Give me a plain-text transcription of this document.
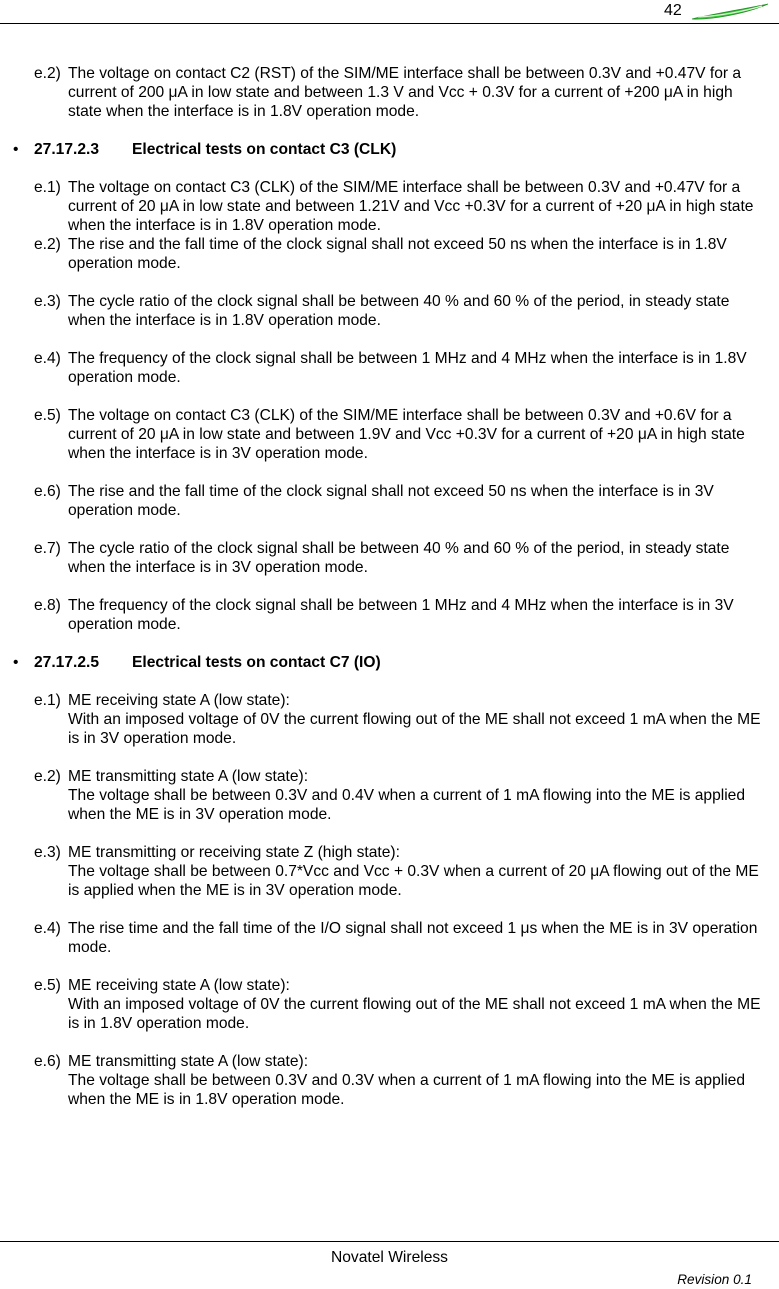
42
e.2) The voltage on contact C2 (RST) of the SIM/ME interface shall be between 0.3V and +0.47V for a current of 200 μA in low state and between 1.3 V and Vcc + 0.3V for a current of +200 μA in high state when the interface is in 1.8V operation mode.
• 27.17.2.3 Electrical tests on contact C3 (CLK)
e.1) The voltage on contact C3 (CLK) of the SIM/ME interface shall be between 0.3V and +0.47V for a current of 20 μA in low state and between 1.21V and Vcc +0.3V for a current of +20 μA in high state when the interface is in 1.8V operation mode.
e.2) The rise and the fall time of the clock signal shall not exceed 50 ns when the interface is in 1.8V operation mode.
e.3) The cycle ratio of the clock signal shall be between 40 % and 60 % of the period, in steady state when the interface is in 1.8V operation mode.
e.4) The frequency of the clock signal shall be between 1 MHz and 4 MHz when the interface is in 1.8V operation mode.
e.5) The voltage on contact C3 (CLK) of the SIM/ME interface shall be between 0.3V and +0.6V for a current of 20 μA in low state and between 1.9V and Vcc +0.3V for a current of +20 μA in high state when the interface is in 3V operation mode.
e.6) The rise and the fall time of the clock signal shall not exceed 50 ns when the interface is in 3V operation mode.
e.7) The cycle ratio of the clock signal shall be between 40 % and 60 % of the period, in steady state when the interface is in 3V operation mode.
e.8) The frequency of the clock signal shall be between 1 MHz and 4 MHz when the interface is in 3V operation mode.
• 27.17.2.5 Electrical tests on contact C7 (IO)
e.1) ME receiving state A (low state):
With an imposed voltage of 0V the current flowing out of the ME shall not exceed 1 mA when the ME is in 3V operation mode.
e.2) ME transmitting state A (low state):
The voltage shall be between 0.3V and 0.4V when a current of 1 mA flowing into the ME is applied when the ME is in 3V operation mode.
e.3) ME transmitting or receiving state Z (high state):
The voltage shall be between 0.7*Vcc and Vcc + 0.3V when a current of 20 μA flowing out of the ME is applied when the ME is in 3V operation mode.
e.4) The rise time and the fall time of the I/O signal shall not exceed 1 μs when the ME is in 3V operation mode.
e.5) ME receiving state A (low state):
With an imposed voltage of 0V the current flowing out of the ME shall not exceed 1 mA when the ME is in 1.8V operation mode.
e.6) ME transmitting state A (low state):
The voltage shall be between 0.3V and 0.3V when a current of 1 mA flowing into the ME is applied when the ME is in 1.8V operation mode.
Novatel Wireless
Revision 0.1
